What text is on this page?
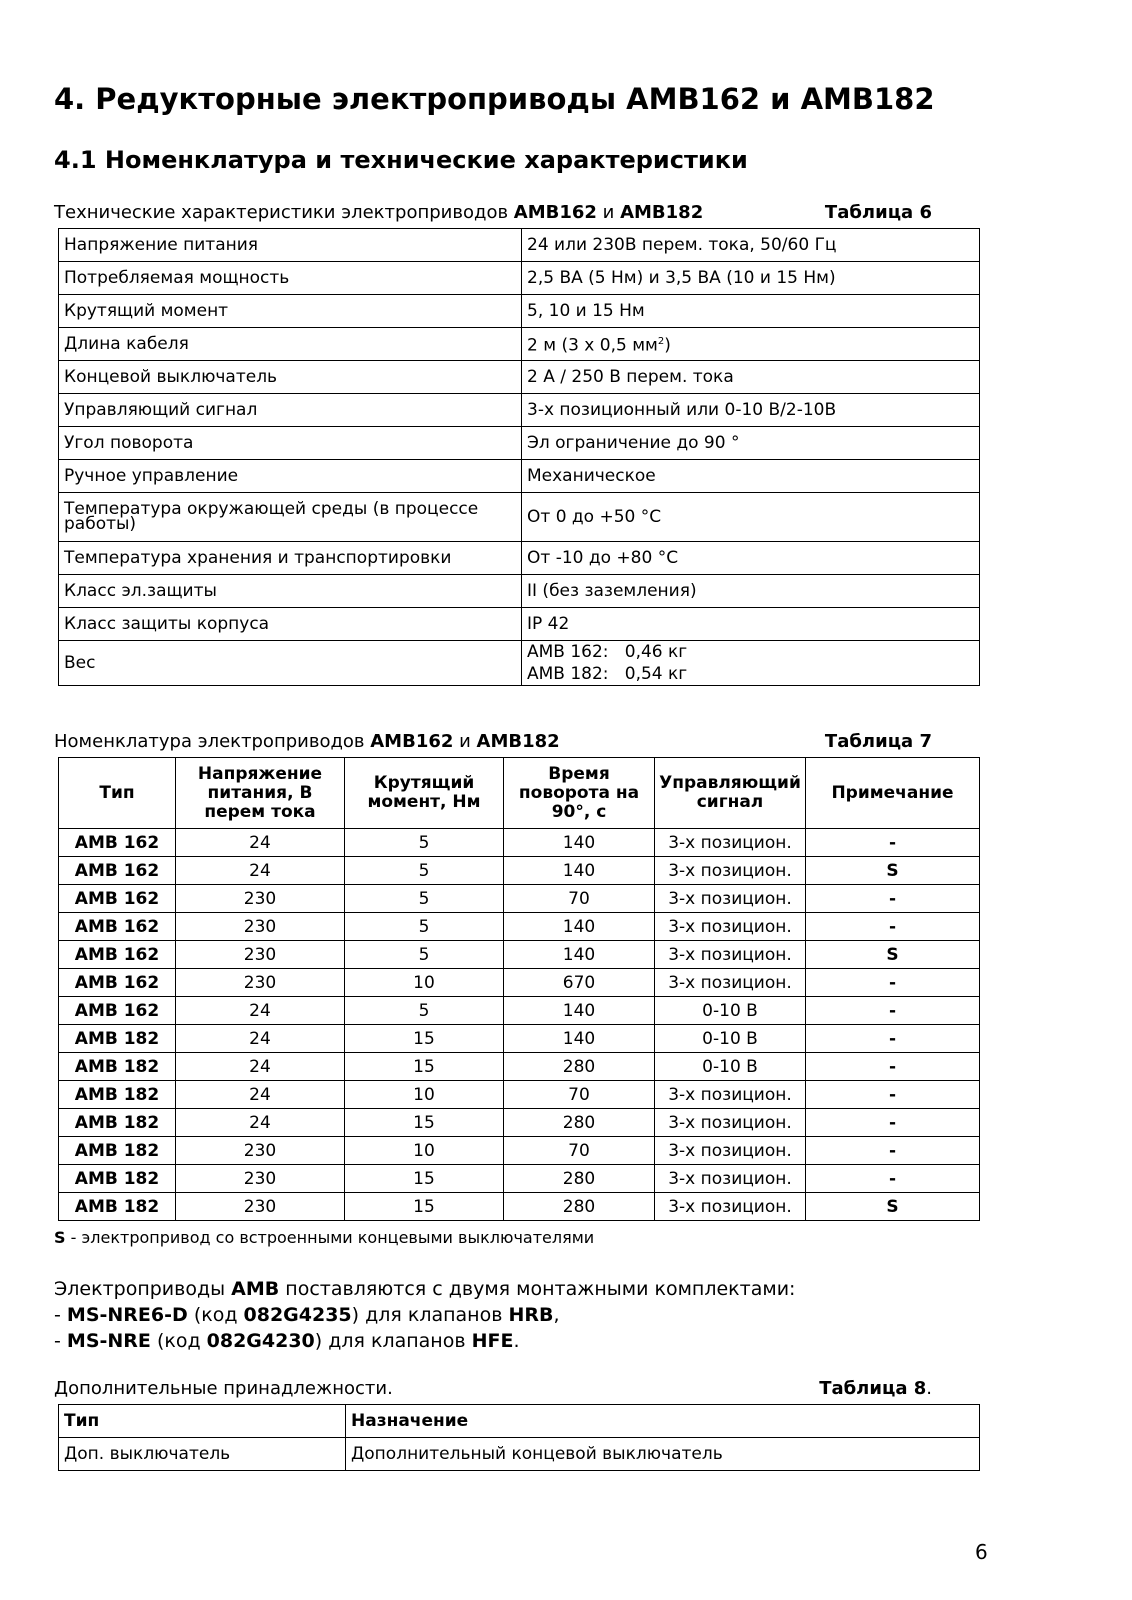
4. Редукторные электроприводы AMB162 и AMB182
4.1 Номенклатура и технические характеристики
Технические характеристики электроприводов AMB162 и AMB182	Таблица 6
Напряжение питания	24 или 230В перем. тока, 50/60 Гц
Потребляемая мощность	2,5 ВА (5 Нм) и 3,5 ВА (10 и 15 Нм)
Крутящий момент	5, 10 и 15 Нм
Длина кабеля	2 м (3 х 0,5 $мм^2$)
Концевой выключатель	2 А / 250 В перем. тока
Управляющий сигнал	3-х позиционный или 0-10 В/2-10В
Угол поворота	Эл ограничение до 90 °
Ручное управление	Механическое
Температура окружающей среды (в процессе работы)	От 0 до +50 °C
Температура хранения и транспортировки	От -10 до +80 °C
Класс эл.защиты	II (без заземления)
Класс защиты корпуса	IP 42
Вес	AMB 162:   0,46 кг
AMB 182:   0,54 кг
Номенклатура электроприводов AMB162 и AMB182	Таблица 7
Тип	Напряжение питания, В перем тока	Крутящий момент, Нм	Время поворота на 90°, с	Управляющий сигнал	Примечание
AMB 162	24	5	140	3-х позицион.	-
AMB 162	24	5	140	3-х позицион.	S
AMB 162	230	5	70	3-х позицион.	-
AMB 162	230	5	140	3-х позицион.	-
AMB 162	230	5	140	3-х позицион.	S
AMB 162	230	10	670	3-х позицион.	-
AMB 162	24	5	140	0-10 В	-
AMB 182	24	15	140	0-10 В	-
AMB 182	24	15	280	0-10 В	-
AMB 182	24	10	70	3-х позицион.	-
AMB 182	24	15	280	3-х позицион.	-
AMB 182	230	10	70	3-х позицион.	-
AMB 182	230	15	280	3-х позицион.	-
AMB 182	230	15	280	3-х позицион.	S
S - электропривод со встроенными концевыми выключателями
Электроприводы AMB поставляются с двумя монтажными комплектами:
- MS-NRE6-D (код 082G4235) для клапанов HRB,
- MS-NRE (код 082G4230) для клапанов HFE.
Дополнительные принадлежности.	Таблица 8.
Тип	Назначение
Доп. выключатель	Дополнительный концевой выключатель
6
